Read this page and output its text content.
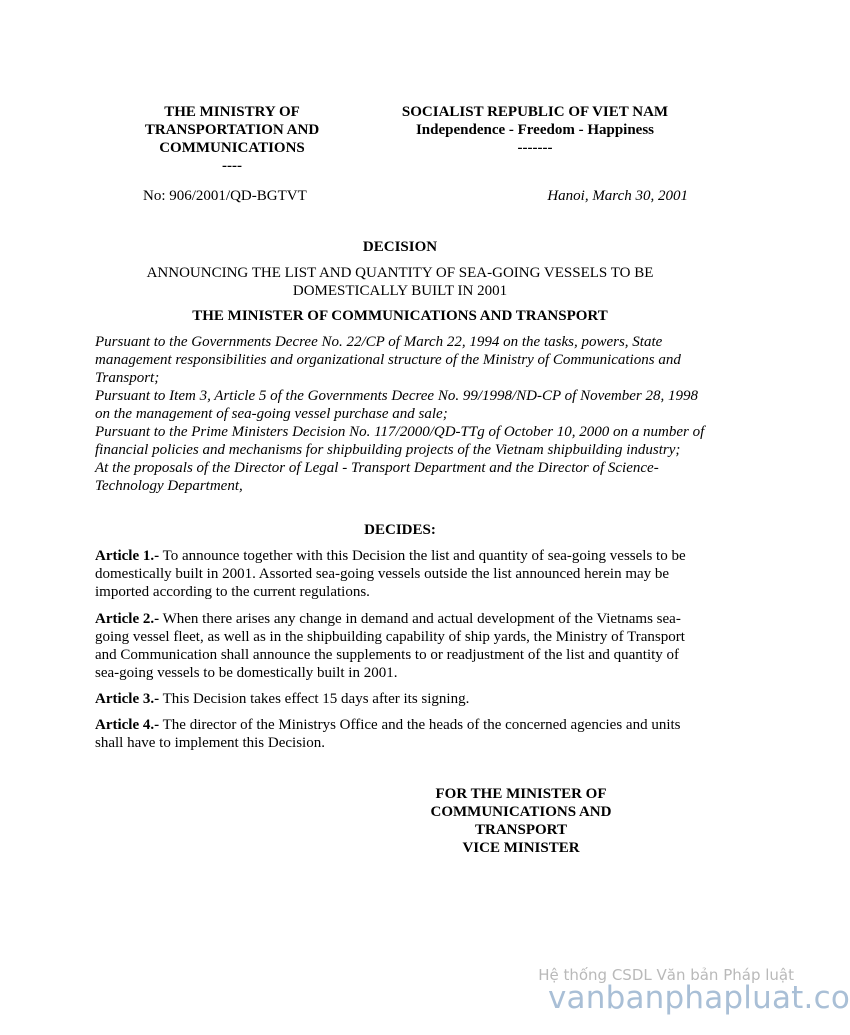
THE MINISTRY OF
TRANSPORTATION AND
COMMUNICATIONS
----
SOCIALIST REPUBLIC OF VIET NAM
Independence - Freedom - Happiness
-------
No: 906/2001/QD-BGTVT	Hanoi, March 30, 2001
DECISION
ANNOUNCING THE LIST AND QUANTITY OF SEA-GOING VESSELS TO BE
DOMESTICALLY BUILT IN 2001
THE MINISTER OF COMMUNICATIONS AND TRANSPORT

Pursuant to the Governments Decree No. 22/CP of March 22, 1994 on the tasks, powers, State management responsibilities and organizational structure of the Ministry of Communications and Transport;

Pursuant to Item 3, Article 5 of the Governments Decree No. 99/1998/ND-CP of November 28, 1998 on the management of sea-going vessel purchase and sale;

Pursuant to the Prime Ministers Decision No. 117/2000/QD-TTg of October 10, 2000 on a number of financial policies and mechanisms for shipbuilding projects of the Vietnam shipbuilding industry;

At the proposals of the Director of Legal - Transport Department and the Director of Science-Technology Department,

DECIDES:

Article 1.- To announce together with this Decision the list and quantity of sea-going vessels to be domestically built in 2001. Assorted sea-going vessels outside the list announced herein may be imported according to the current regulations.

Article 2.- When there arises any change in demand and actual development of the Vietnams sea-going vessel fleet, as well as in the shipbuilding capability of ship yards, the Ministry of Transport and Communication shall announce the supplements to or readjustment of the list and quantity of sea-going vessels to be domestically built in 2001.

Article 3.- This Decision takes effect 15 days after its signing.

Article 4.- The director of the Ministrys Office and the heads of the concerned agencies and units shall have to implement this Decision.

FOR THE MINISTER OF
COMMUNICATIONS AND
TRANSPORT
VICE MINISTER
Hệ thống CSDL Văn bản Pháp luật
vanbanphapluat.co
